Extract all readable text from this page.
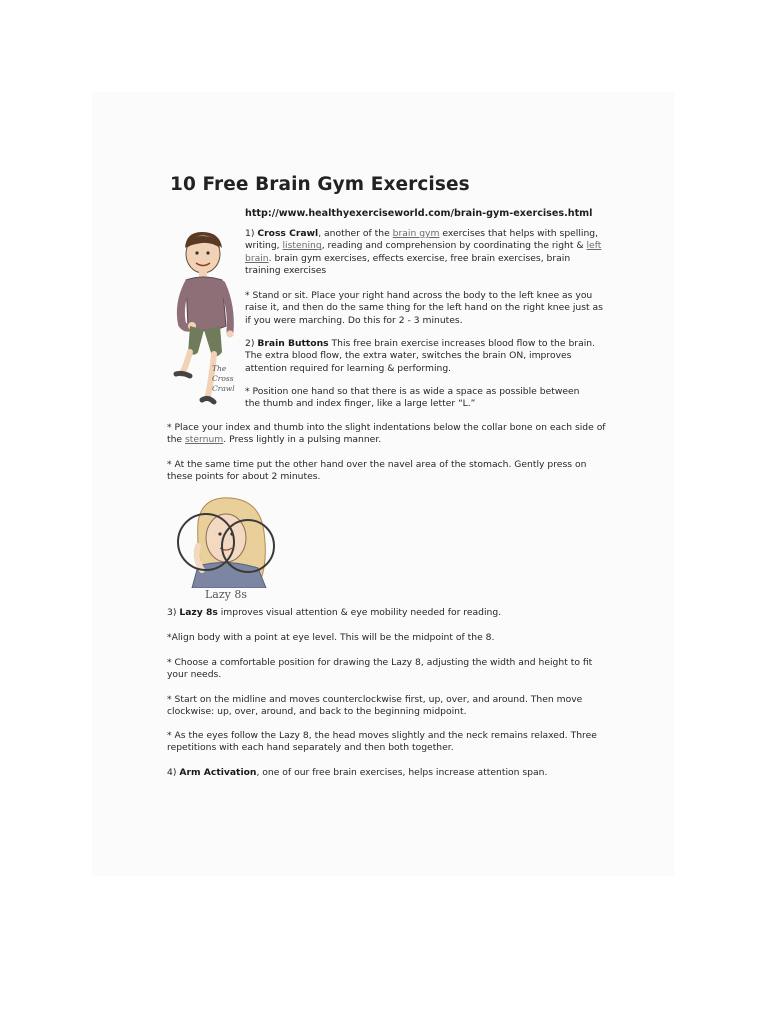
10 Free Brain Gym Exercises
http://www.healthyexerciseworld.com/brain-gym-exercises.html
The
Cross
Crawl
1) Cross Crawl, another of the brain gym exercises that helps with spelling, writing, listening, reading and comprehension by coordinating the right & left brain. brain gym exercises, effects exercise, free brain exercises, brain training exercises
* Stand or sit. Place your right hand across the body to the left knee as you raise it, and then do the same thing for the left hand on the right knee just as if you were marching. Do this for 2 - 3 minutes.
2) Brain Buttons This free brain exercise increases blood flow to the brain. The extra blood flow, the extra water, switches the brain ON, improves attention required for learning & performing.
* Position one hand so that there is as wide a space as possible between the thumb and index finger, like a large letter “L.”
* Place your index and thumb into the slight indentations below the collar bone on each side of the sternum. Press lightly in a pulsing manner.
* At the same time put the other hand over the navel area of the stomach. Gently press on these points for about 2 minutes.
Lazy 8s
3) Lazy 8s improves visual attention & eye mobility needed for reading.
*Align body with a point at eye level. This will be the midpoint of the 8.
* Choose a comfortable position for drawing the Lazy 8, adjusting the width and height to fit your needs.
* Start on the midline and moves counterclockwise first, up, over, and around. Then move clockwise: up, over, around, and back to the beginning midpoint.
* As the eyes follow the Lazy 8, the head moves slightly and the neck remains relaxed. Three repetitions with each hand separately and then both together.
4) Arm Activation, one of our free brain exercises, helps increase attention span.
